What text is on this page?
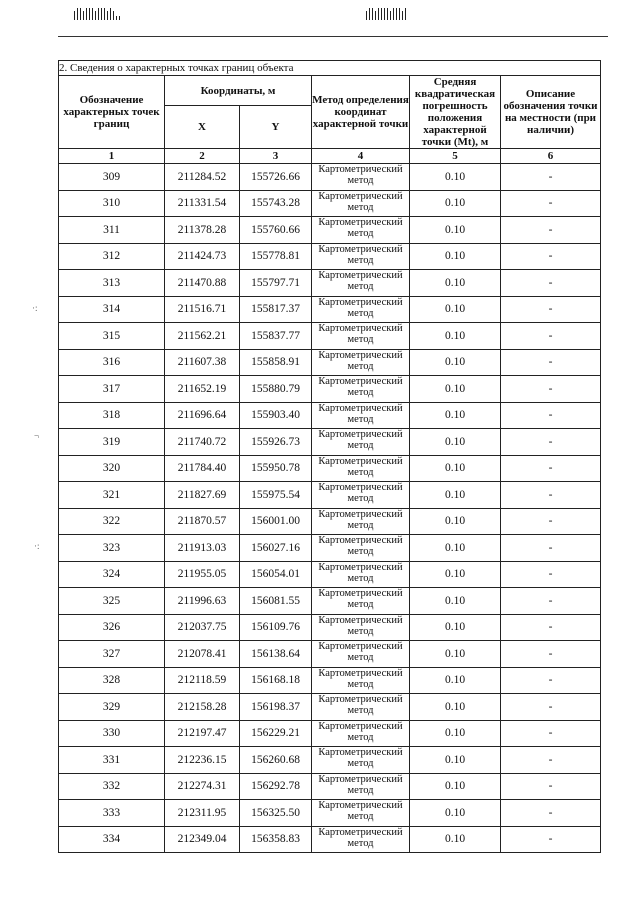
·:
¬
·:
2. Сведения о характерных точках границ объекта					
Обозначение характерных точек границ	Координаты, м		Метод определения координат характерной точки	Средняя квадратическая погрешность положения характерной точки (Mt), м	Описание обозначения точки на местности (при наличии)
	X	Y			
1	2	3	4	5	6
309	211284.52	155726.66	Картометрический метод	0.10	-
310	211331.54	155743.28	Картометрический метод	0.10	-
311	211378.28	155760.66	Картометрический метод	0.10	-
312	211424.73	155778.81	Картометрический метод	0.10	-
313	211470.88	155797.71	Картометрический метод	0.10	-
314	211516.71	155817.37	Картометрический метод	0.10	-
315	211562.21	155837.77	Картометрический метод	0.10	-
316	211607.38	155858.91	Картометрический метод	0.10	-
317	211652.19	155880.79	Картометрический метод	0.10	-
318	211696.64	155903.40	Картометрический метод	0.10	-
319	211740.72	155926.73	Картометрический метод	0.10	-
320	211784.40	155950.78	Картометрический метод	0.10	-
321	211827.69	155975.54	Картометрический метод	0.10	-
322	211870.57	156001.00	Картометрический метод	0.10	-
323	211913.03	156027.16	Картометрический метод	0.10	-
324	211955.05	156054.01	Картометрический метод	0.10	-
325	211996.63	156081.55	Картометрический метод	0.10	-
326	212037.75	156109.76	Картометрический метод	0.10	-
327	212078.41	156138.64	Картометрический метод	0.10	-
328	212118.59	156168.18	Картометрический метод	0.10	-
329	212158.28	156198.37	Картометрический метод	0.10	-
330	212197.47	156229.21	Картометрический метод	0.10	-
331	212236.15	156260.68	Картометрический метод	0.10	-
332	212274.31	156292.78	Картометрический метод	0.10	-
333	212311.95	156325.50	Картометрический метод	0.10	-
334	212349.04	156358.83	Картометрический метод	0.10	-
